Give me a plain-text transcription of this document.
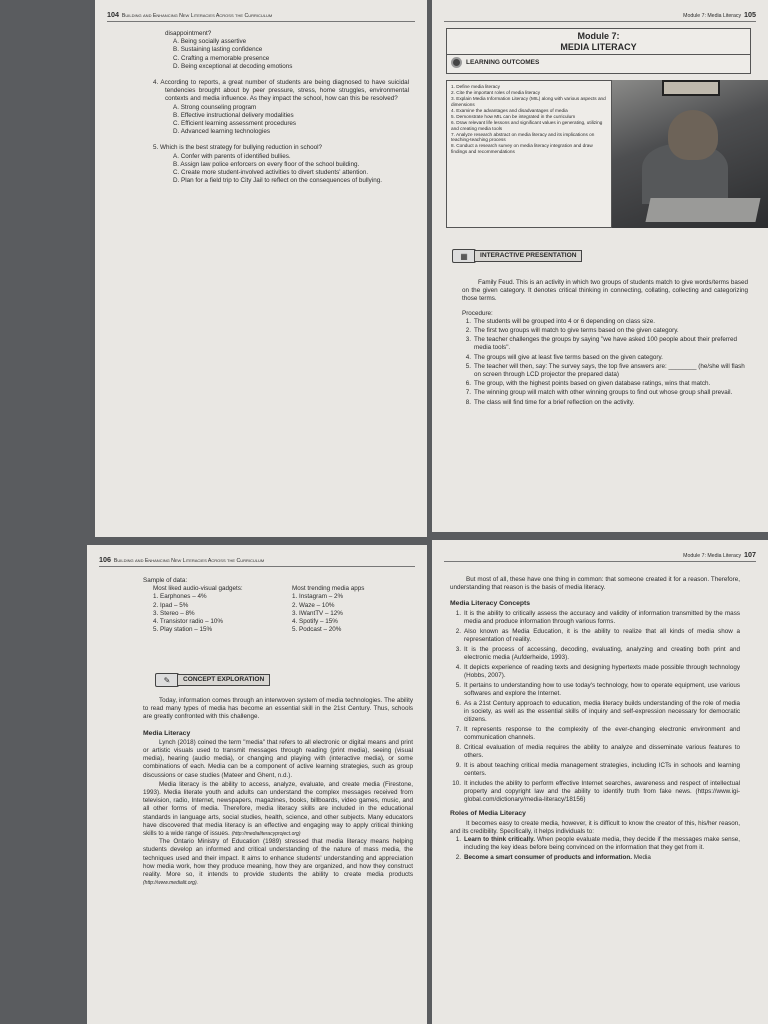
104 Building and Enhancing New Literacies Across the Curriculum
disappointment?
A. Being socially assertive
B. Sustaining lasting confidence
C. Crafting a memorable presence
D. Being exceptional at decoding emotions
4. According to reports, a great number of students are being diagnosed to have suicidal tendencies brought about by peer pressure, stress, home struggles, environmental contexts and media influence. As they impact the school, how can this be resolved?
A. Strong counseling program
B. Effective instructional delivery modalities
C. Efficient learning assessment procedures
D. Advanced learning technologies
5. Which is the best strategy for bullying reduction in school?
A. Confer with parents of identified bullies.
B. Assign law police enforcers on every floor of the school building.
C. Create more student-involved activities to divert students' attention.
D. Plan for a field trip to City Jail to reflect on the consequences of bullying.
Module 7: Media Literacy 105
Module 7:
MEDIA LITERACY
LEARNING OUTCOMES
1. Define media literacy
2. Cite the important roles of media literacy
3. Explain Media Information Literacy (MIL) along with various aspects and dimensions
4. Examine the advantages and disadvantages of media
5. Demonstrate how MIL can be integrated in the curriculum
6. Draw relevant life lessons and significant values in generating, utilizing and creating media tools
7. Analyze research abstract on media literacy and its implications on teaching-teaching process
8. Conduct a research survey on media literacy integration and draw findings and recommendations
▦	INTERACTIVE PRESENTATION
Family Feud. This is an activity in which two groups of students match to give words/terms based on the given category. It denotes critical thinking in connecting, collating, collecting and categorizing those terms.
Procedure:
1. The students will be grouped into 4 or 6 depending on class size.
2. The first two groups will match to give terms based on the given category.
3. The teacher challenges the groups by saying "we have asked 100 people about their preferred media tools".
4. The groups will give at least five terms based on the given category.
5. The teacher will then, say: The survey says, the top five answers are: ________ (he/she will flash on screen through LCD projector the prepared data)
6. The group, with the highest points based on given database ratings, wins that match.
7. The winning group will match with other winning groups to find out whose group shall prevail.
8. The class will find time for a brief reflection on the activity.
106 Building and Enhancing New Literacies Across the Curriculum
Sample of data:
Most liked audio-visual gadgets:
1. Earphones – 4%
2. Ipad – 5%
3. Stereo – 8%
4. Transistor radio – 10%
5. Play station – 15%
Most trending media apps
1. Instagram – 2%
2. Waze – 10%
3. IWantTV – 12%
4. Spotify – 15%
5. Podcast – 20%
✎	CONCEPT EXPLORATION
Today, information comes through an interwoven system of media technologies. The ability to read many types of media has become an essential skill in the 21st Century. Thus, schools are greatly confronted with this challenge.
Media Literacy
Lynch (2018) coined the term "media" that refers to all electronic or digital means and print or artistic visuals used to transmit messages through reading (print media), seeing (visual media), hearing (audio media), or changing and playing with (interactive media), or some combinations of each. Media can be a component of active learning strategies, such as group discussions or case studies (Mateer and Ghent, n.d.).
Media literacy is the ability to access, analyze, evaluate, and create media (Firestone, 1993). Media literate youth and adults can understand the complex messages received from television, radio, Internet, newspapers, magazines, books, billboards, video games, music, and all other forms of media. Therefore, media literacy skills are included in the educational standards in language arts, social studies, health, science, and other subjects. Many educators have discovered that media literacy is an effective and engaging way to apply critical thinking skills to a wide range of issues. (http://medialiteracyproject.org)
The Ontario Ministry of Education (1989) stressed that media literacy means helping students develop an informed and critical understanding of the nature of mass media, the techniques used and their impact. It aims to enhance students' understanding and appreciation how media work, how they produce meaning, how they are organized, and how they construct reality. More so, it intends to provide students the ability to create media products (http://www.medialit.org).
Module 7: Media Literacy 107
But most of all, these have one thing in common: that someone created it for a reason. Therefore, understanding that reason is the basis of media literacy.
Media Literacy Concepts
1. It is the ability to critically assess the accuracy and validity of information transmitted by the mass media and produce information through various forms.
2. Also known as Media Education, it is the ability to realize that all kinds of media show a representation of reality.
3. It is the process of accessing, decoding, evaluating, analyzing and creating both print and electronic media (Aufderheide, 1993).
4. It depicts experience of reading texts and designing hypertexts made possible through technology (Hobbs, 2007).
5. It pertains to understanding how to use today's technology, how to operate equipment, use various softwares and explore the Internet.
6. As a 21st Century approach to education, media literacy builds understanding of the role of media in society, as well as the essential skills of inquiry and self-expression necessary for democratic citizens.
7. It represents response to the complexity of the ever-changing electronic environment and communication channels.
8. Critical evaluation of media requires the ability to analyze and disseminate various features to others.
9. It is about teaching critical media management strategies, including ICTs in schools and learning centers.
10. It includes the ability to perform effective Internet searches, awareness and respect of intellectual property and copyright law and the ability to identify truth from fake news. (https://www.igi-global.com/dictionary/media-literacy/18156)
Roles of Media Literacy
It becomes easy to create media, however, it is difficult to know the creator of this, his/her reason, and its credibility. Specifically, it helps individuals to:
1. Learn to think critically. When people evaluate media, they decide if the messages make sense, including the key ideas before being convinced on the information that they get from it.
2. Become a smart consumer of products and information. Media
